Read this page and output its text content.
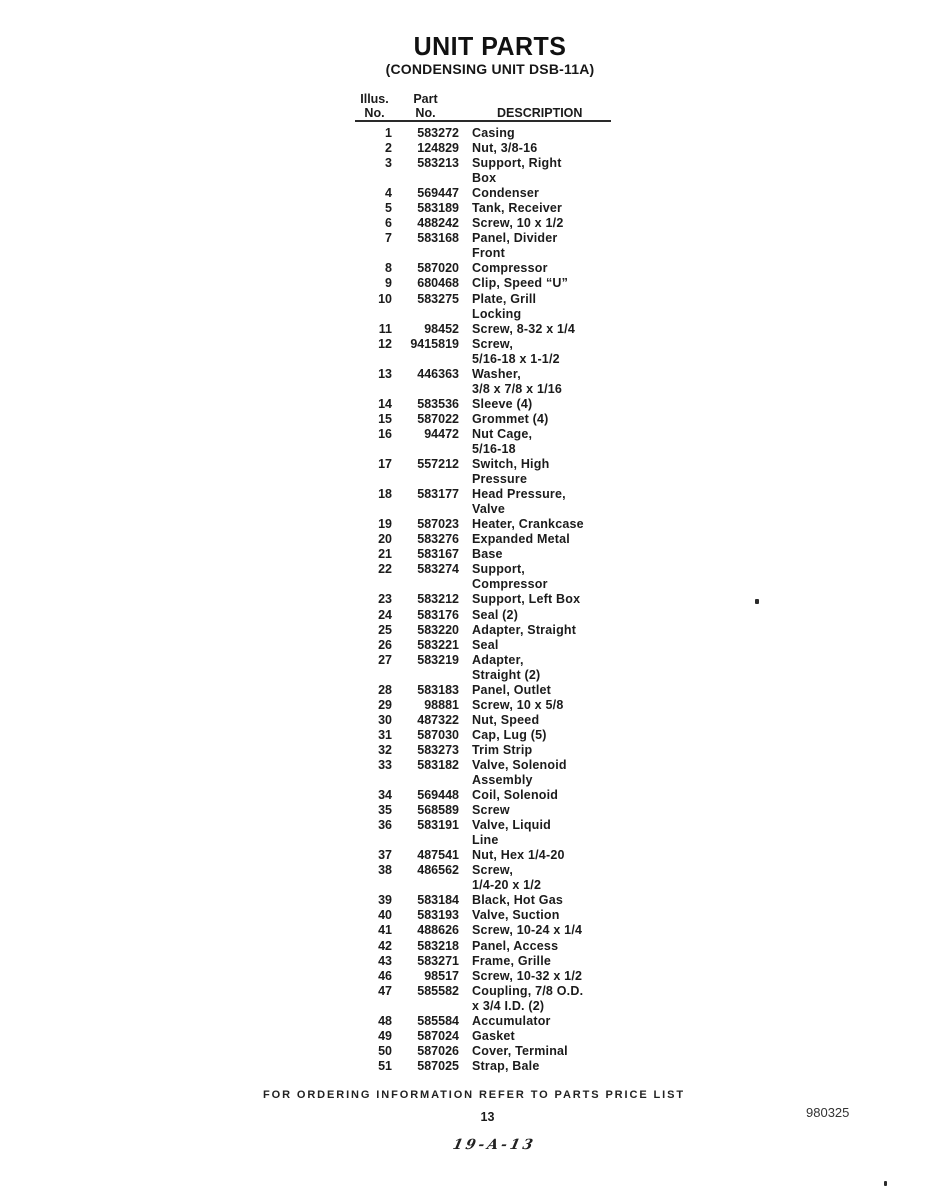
UNIT PARTS
(CONDENSING UNIT DSB-11A)
Illus.	Part
No.	No.	DESCRIPTION
1	583272	Casing
2	124829	Nut, 3/8-16
3	583213	Support, Right
Box
4	569447	Condenser
5	583189	Tank, Receiver
6	488242	Screw, 10 x 1/2
7	583168	Panel, Divider
Front
8	587020	Compressor
9	680468	Clip, Speed “U”
10	583275	Plate, Grill
Locking
11	98452	Screw, 8-32 x 1/4
12	9415819	Screw,
5/16-18 x 1-1/2
13	446363	Washer,
3/8 x 7/8 x 1/16
14	583536	Sleeve (4)
15	587022	Grommet (4)
16	94472	Nut Cage,
5/16-18
17	557212	Switch, High
Pressure
18	583177	Head Pressure,
Valve
19	587023	Heater, Crankcase
20	583276	Expanded Metal
21	583167	Base
22	583274	Support,
Compressor
23	583212	Support, Left Box
24	583176	Seal (2)
25	583220	Adapter, Straight
26	583221	Seal
27	583219	Adapter,
Straight (2)
28	583183	Panel, Outlet
29	98881	Screw, 10 x 5/8
30	487322	Nut, Speed
31	587030	Cap, Lug (5)
32	583273	Trim Strip
33	583182	Valve, Solenoid
Assembly
34	569448	Coil, Solenoid
35	568589	Screw
36	583191	Valve, Liquid
Line
37	487541	Nut, Hex 1/4-20
38	486562	Screw,
1/4-20 x 1/2
39	583184	Black, Hot Gas
40	583193	Valve, Suction
41	488626	Screw, 10-24 x 1/4
42	583218	Panel, Access
43	583271	Frame, Grille
46	98517	Screw, 10-32 x 1/2
47	585582	Coupling, 7/8 O.D.
x 3/4 I.D. (2)
48	585584	Accumulator
49	587024	Gasket
50	587026	Cover, Terminal
51	587025	Strap, Bale
FOR ORDERING INFORMATION REFER TO PARTS PRICE LIST
13	980325
19-A-13
